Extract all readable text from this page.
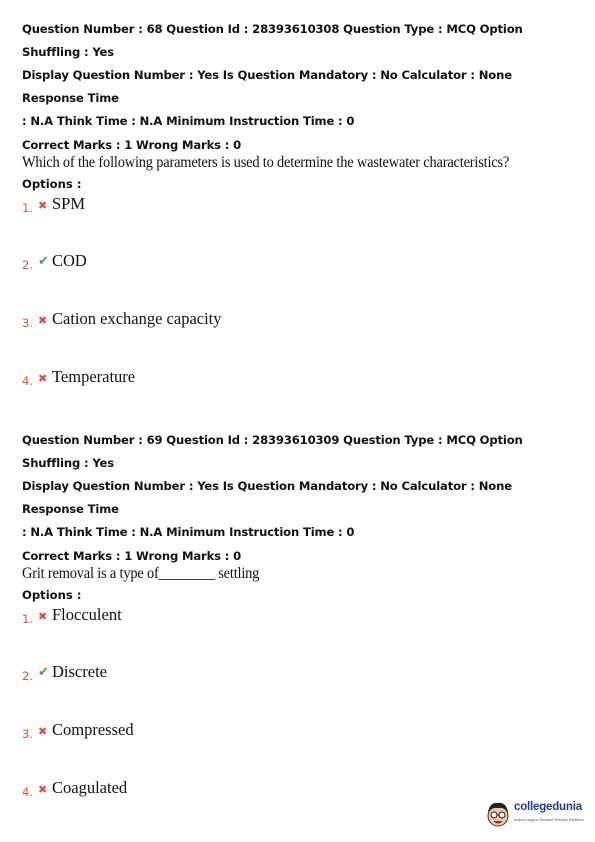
Question Number : 68 Question Id : 28393610308 Question Type : MCQ Option Shuffling : Yes

Display Question Number : Yes Is Question Mandatory : No Calculator : None Response Time

: N.A Think Time : N.A Minimum Instruction Time : 0

Correct Marks : 1 Wrong Marks : 0

Which of the following parameters is used to determine the wastewater characteristics?

Options :
1. ✖ SPM
2. ✔ COD
3. ✖ Cation exchange capacity
4. ✖ Temperature

Question Number : 69 Question Id : 28393610309 Question Type : MCQ Option Shuffling : Yes

Display Question Number : Yes Is Question Mandatory : No Calculator : None Response Time

: N.A Think Time : N.A Minimum Instruction Time : 0

Correct Marks : 1 Wrong Marks : 0

Grit removal is a type of________ settling

Options :
1. ✖ Flocculent
2. ✔ Discrete
3. ✖ Compressed
4. ✖ Coagulated
collegedunia
India's largest Student Review Platform
